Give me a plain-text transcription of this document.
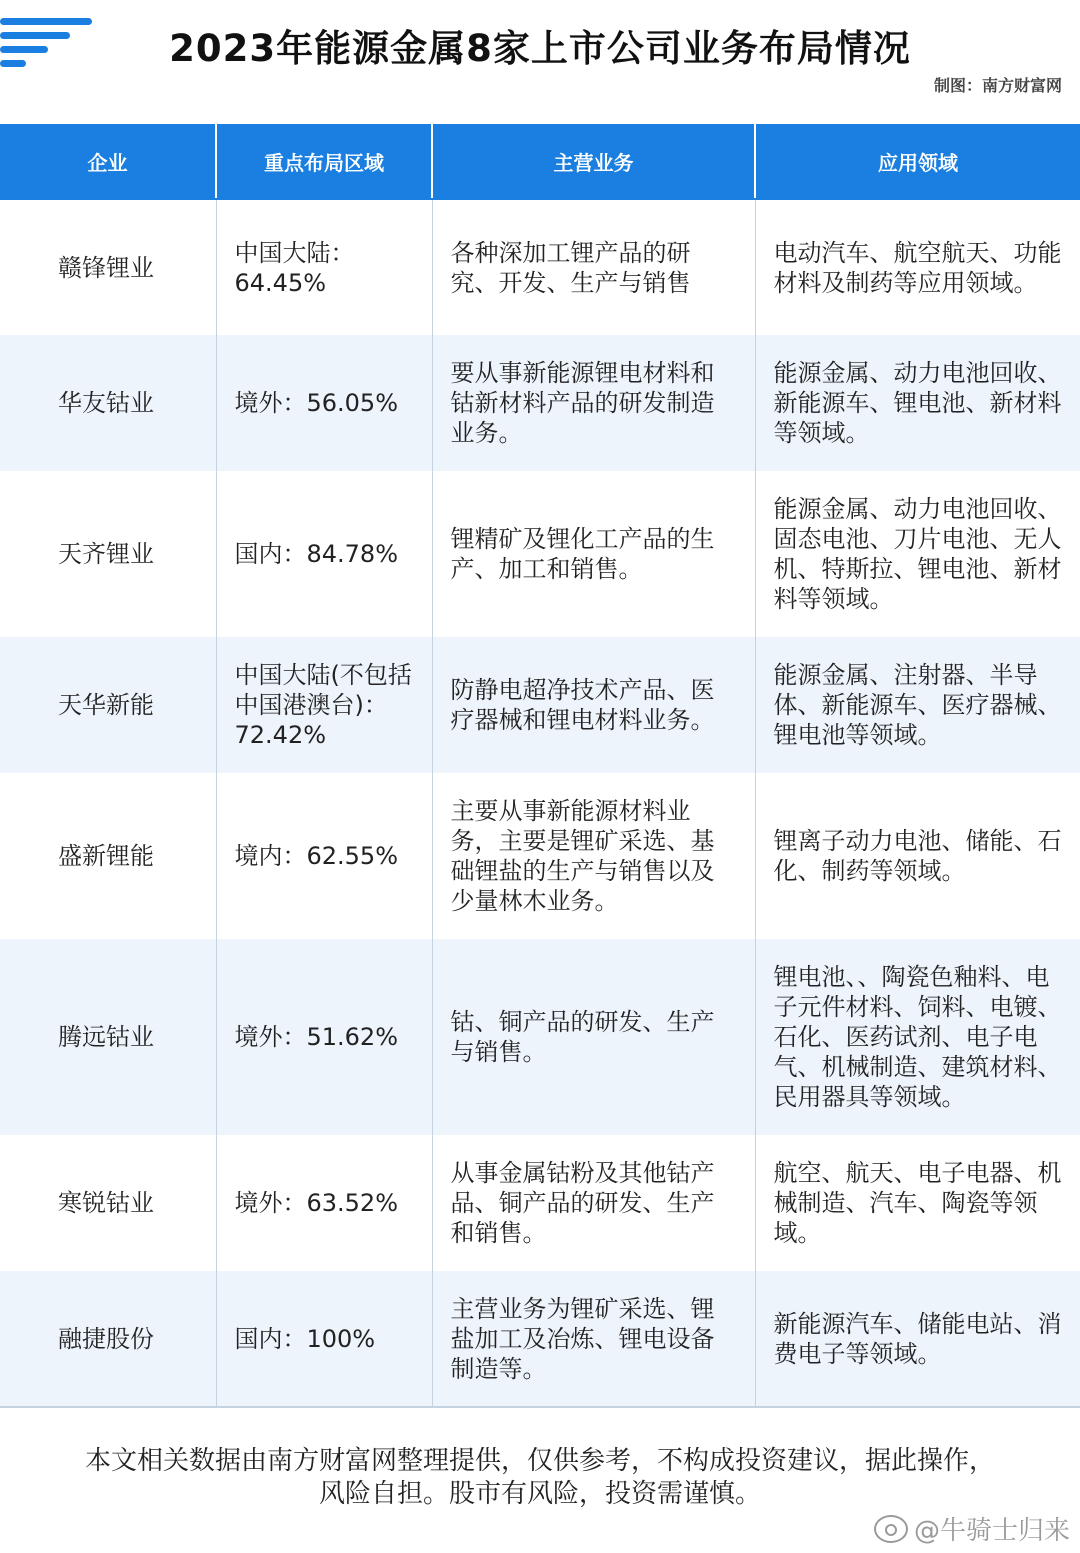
2023年能源金属8家上市公司业务布局情况
制图：南方财富网
企业	重点布局区域	主营业务	应用领域
赣锋锂业	中国大陆：64.45%	各种深加工锂产品的研究、开发、生产与销售	电动汽车、航空航天、功能材料及制药等应用领域。
华友钴业	境外：56.05%	要从事新能源锂电材料和钴新材料产品的研发制造业务。	能源金属、动力电池回收、新能源车、锂电池、新材料等领域。
天齐锂业	国内：84.78%	锂精矿及锂化工产品的生产、加工和销售。	能源金属、动力电池回收、固态电池、刀片电池、无人机、特斯拉、锂电池、新材料等领域。
天华新能	中国大陆(不包括中国港澳台)：72.42%	防静电超净技术产品、医疗器械和锂电材料业务。	能源金属、注射器、半导体、新能源车、医疗器械、锂电池等领域。
盛新锂能	境内：62.55%	主要从事新能源材料业务，主要是锂矿采选、基础锂盐的生产与销售以及少量林木业务。	锂离子动力电池、储能、石化、制药等领域。
腾远钴业	境外：51.62%	钴、铜产品的研发、生产与销售。	锂电池、、陶瓷色釉料、电子元件材料、饲料、电镀、石化、医药试剂、电子电气、机械制造、建筑材料、民用器具等领域。
寒锐钴业	境外：63.52%	从事金属钴粉及其他钴产品、铜产品的研发、生产和销售。	航空、航天、电子电器、机械制造、汽车、陶瓷等领域。
融捷股份	国内：100%	主营业务为锂矿采选、锂盐加工及冶炼、锂电设备制造等。	新能源汽车、储能电站、消费电子等领域。
本文相关数据由南方财富网整理提供，仅供参考，不构成投资建议，据此操作，风险自担。股市有风险，投资需谨慎。
@牛骑士归来
